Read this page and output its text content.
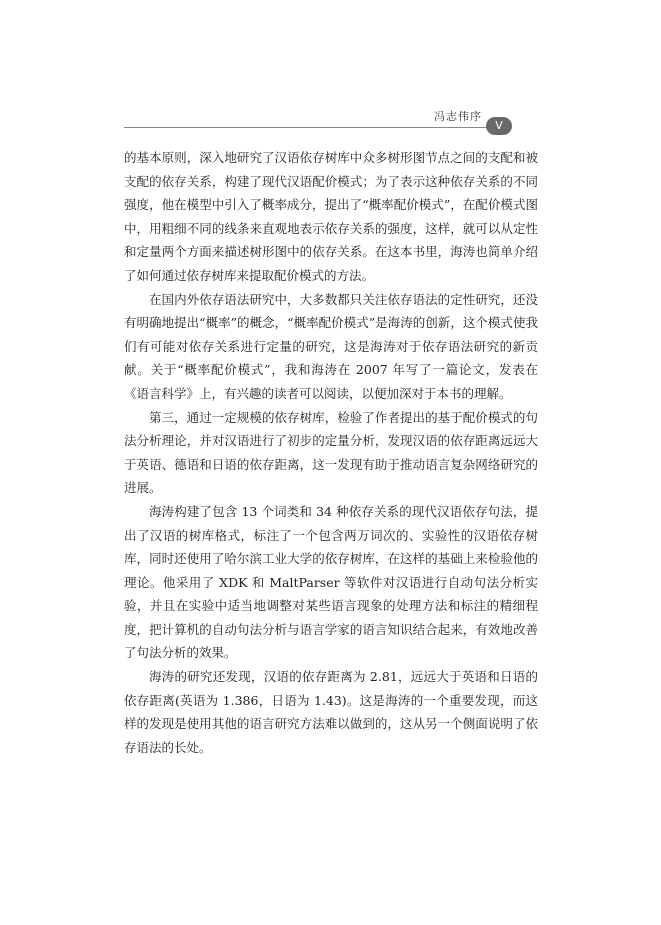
冯志伟序
V

的基本原则，深入地研究了汉语依存树库中众多树形图节点之间的支配和被支配的依存关系，构建了现代汉语配价模式；为了表示这种依存关系的不同强度，他在模型中引入了概率成分，提出了“概率配价模式”，在配价模式图中，用粗细不同的线条来直观地表示依存关系的强度，这样，就可以从定性和定量两个方面来描述树形图中的依存关系。在这本书里，海涛也简单介绍了如何通过依存树库来提取配价模式的方法。

在国内外依存语法研究中，大多数都只关注依存语法的定性研究，还没有明确地提出“概率”的概念，“概率配价模式”是海涛的创新，这个模式使我们有可能对依存关系进行定量的研究，这是海涛对于依存语法研究的新贡献。关于“概率配价模式”，我和海涛在 2007 年写了一篇论文，发表在《语言科学》上，有兴趣的读者可以阅读，以便加深对于本书的理解。

第三，通过一定规模的依存树库，检验了作者提出的基于配价模式的句法分析理论，并对汉语进行了初步的定量分析，发现汉语的依存距离远远大于英语、德语和日语的依存距离，这一发现有助于推动语言复杂网络研究的进展。

海涛构建了包含 13 个词类和 34 种依存关系的现代汉语依存句法，提出了汉语的树库格式，标注了一个包含两万词次的、实验性的汉语依存树库，同时还使用了哈尔滨工业大学的依存树库，在这样的基础上来检验他的理论。他采用了 XDK 和 MaltParser 等软件对汉语进行自动句法分析实验，并且在实验中适当地调整对某些语言现象的处理方法和标注的精细程度，把计算机的自动句法分析与语言学家的语言知识结合起来，有效地改善了句法分析的效果。

海涛的研究还发现，汉语的依存距离为 2.81，远远大于英语和日语的依存距离(英语为 1.386，日语为 1.43)。这是海涛的一个重要发现，而这样的发现是使用其他的语言研究方法难以做到的，这从另一个侧面说明了依存语法的长处。
